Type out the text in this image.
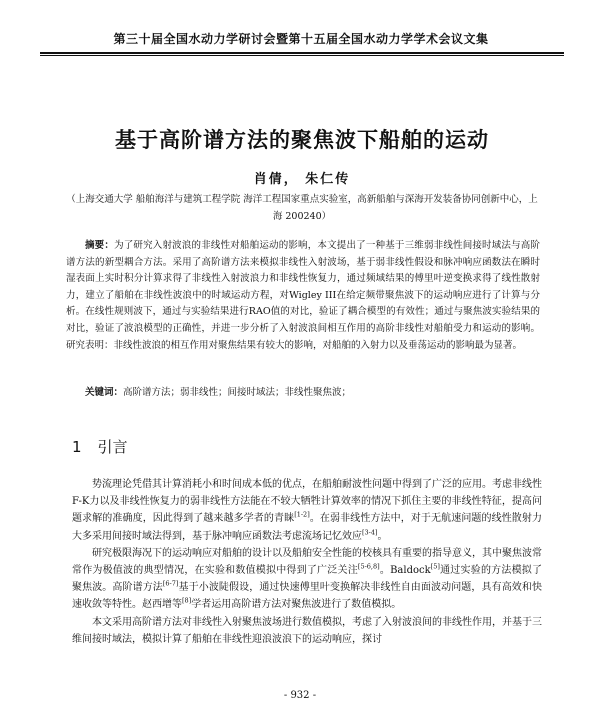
第三十届全国水动力学研讨会暨第十五届全国水动力学学术会议文集
基于高阶谱方法的聚焦波下船舶的运动
肖倩， 朱仁传
（上海交通大学 船舶海洋与建筑工程学院 海洋工程国家重点实验室，高新船舶与深海开发装备协同创新中心，上海 200240）
摘要：为了研究入射波浪的非线性对船舶运动的影响，本文提出了一种基于三维弱非线性间接时域法与高阶谱方法的新型耦合方法。采用了高阶谱方法来模拟非线性入射波场，基于弱非线性假设和脉冲响应函数法在瞬时湿表面上实时积分计算求得了非线性入射波浪力和非线性恢复力，通过频域结果的傅里叶逆变换求得了线性散射力，建立了船舶在非线性波浪中的时域运动方程，对Wigley III在给定频带聚焦波下的运动响应进行了计算与分析。在线性规则波下，通过与实验结果进行RAO值的对比，验证了耦合模型的有效性；通过与聚焦波实验结果的对比，验证了波浪模型的正确性，并进一步分析了入射波浪间相互作用的高阶非线性对船舶受力和运动的影响。研究表明：非线性波浪的相互作用对聚焦结果有较大的影响，对船舶的入射力以及垂荡运动的影响最为显著。
关键词：高阶谱方法；弱非线性；间接时域法；非线性聚焦波；
1 引言

势流理论凭借其计算消耗小和时间成本低的优点，在船舶耐波性问题中得到了广泛的应用。考虑非线性F-K力以及非线性恢复力的弱非线性方法能在不较大牺牲计算效率的情况下抓住主要的非线性特征，提高问题求解的准确度，因此得到了越来越多学者的青睐[1-2]。在弱非线性方法中，对于无航速问题的线性散射力大多采用间接时域法得到，基于脉冲响应函数法考虑流场记忆效应[3-4]。

研究极限海况下的运动响应对船舶的设计以及船舶安全性能的校核具有重要的指导意义，其中聚焦波常常作为极值波的典型情况，在实验和数值模拟中得到了广泛关注[5-6,8]。Baldock[5]通过实验的方法模拟了聚焦波。高阶谱方法[6-7]基于小波陡假设，通过快速傅里叶变换解决非线性自由面波动问题，具有高效和快速收敛等特性。赵西增等[8]学者运用高阶谱方法对聚焦波进行了数值模拟。

本文采用高阶谱方法对非线性入射聚焦波场进行数值模拟，考虑了入射波浪间的非线性作用，并基于三维间接时域法，模拟计算了船舶在非线性迎浪波浪下的运动响应，探讨

- 932 -
